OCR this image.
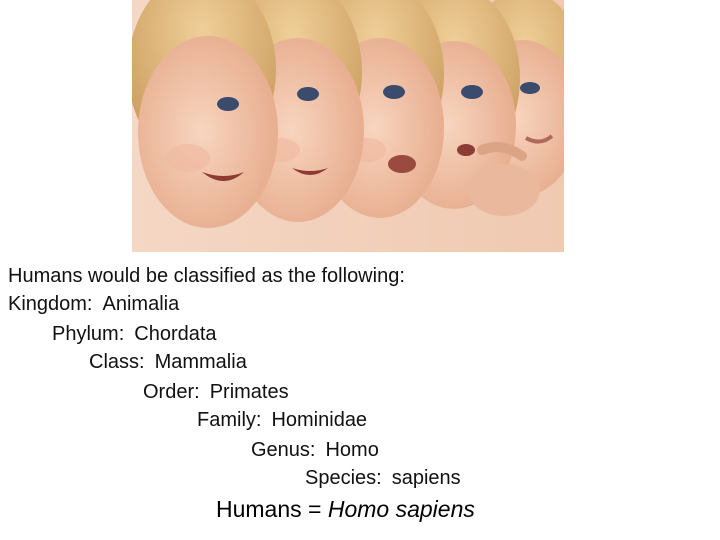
Humans would be classified as the following:
Kingdom: Animalia
Phylum: Chordata
Class: Mammalia
Order: Primates
Family: Hominidae
Genus: Homo
Species: sapiens
Humans = Homo sapiens
